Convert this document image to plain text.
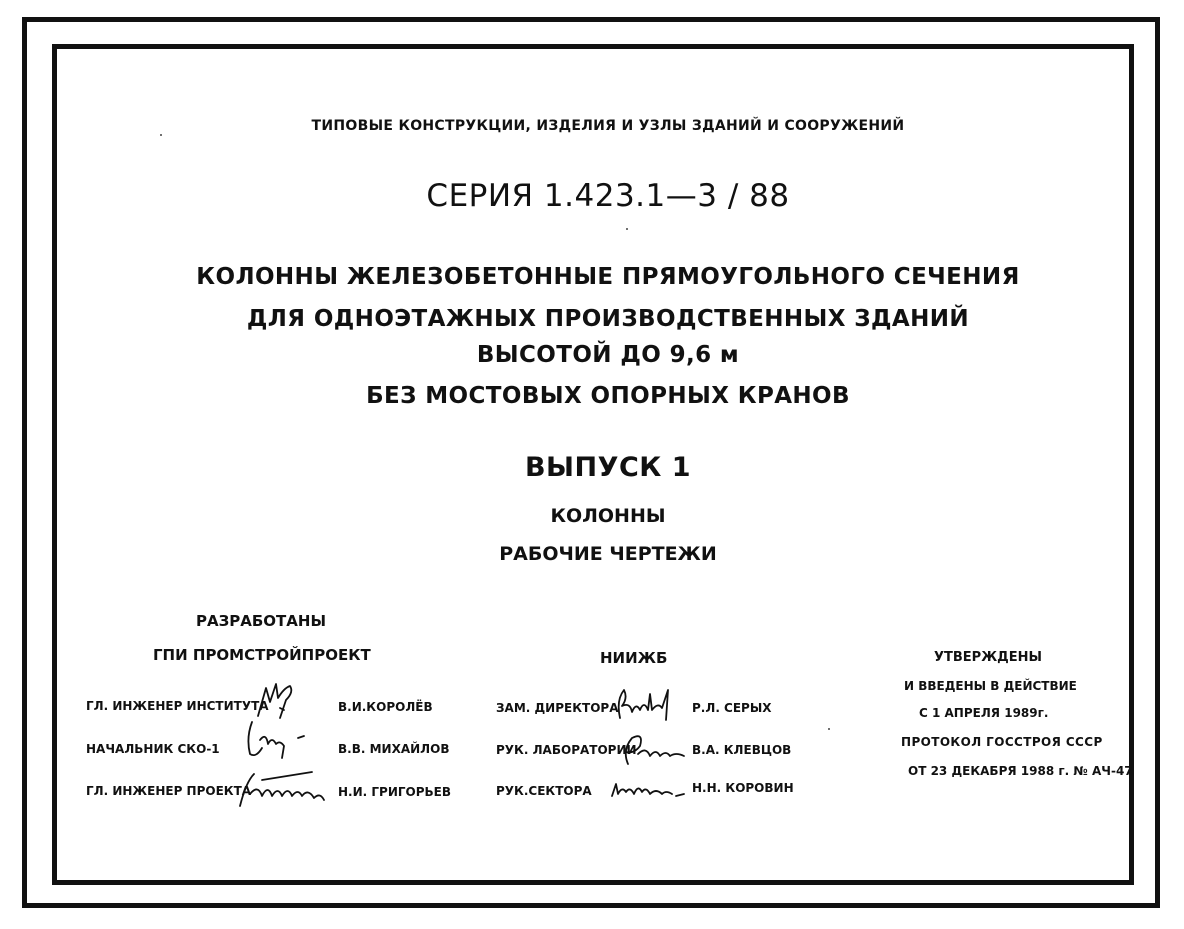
ТИПОВЫЕ КОНСТРУКЦИИ, ИЗДЕЛИЯ И УЗЛЫ ЗДАНИЙ И СООРУЖЕНИЙ
СЕРИЯ 1.423.1—3 / 88
КОЛОННЫ ЖЕЛЕЗОБЕТОННЫЕ ПРЯМОУГОЛЬНОГО СЕЧЕНИЯ
ДЛЯ ОДНОЭТАЖНЫХ ПРОИЗВОДСТВЕННЫХ ЗДАНИЙ
ВЫСОТОЙ ДО 9,6 м
БЕЗ МОСТОВЫХ ОПОРНЫХ КРАНОВ
ВЫПУСК 1
КОЛОННЫ
РАБОЧИЕ ЧЕРТЕЖИ
РАЗРАБОТАНЫ
ГПИ ПРОМСТРОЙПРОЕКТ
ГЛ. ИНЖЕНЕР ИНСТИТУТА	В.И.КОРОЛЁВ
НАЧАЛЬНИК СКО-1	В.В. МИХАЙЛОВ
ГЛ. ИНЖЕНЕР ПРОЕКТА	Н.И. ГРИГОРЬЕВ
НИИЖБ
ЗАМ. ДИРЕКТОРА	Р.Л. СЕРЫХ
РУК. ЛАБОРАТОРИИ	В.А. КЛЕВЦОВ
РУК.СЕКТОРА	Н.Н. КОРОВИН
УТВЕРЖДЕНЫ
И ВВЕДЕНЫ В ДЕЙСТВИЕ
С 1 АПРЕЛЯ 1989г.
ПРОТОКОЛ ГОССТРОЯ СССР
ОТ 23 ДЕКАБРЯ 1988 г. № АЧ-47
